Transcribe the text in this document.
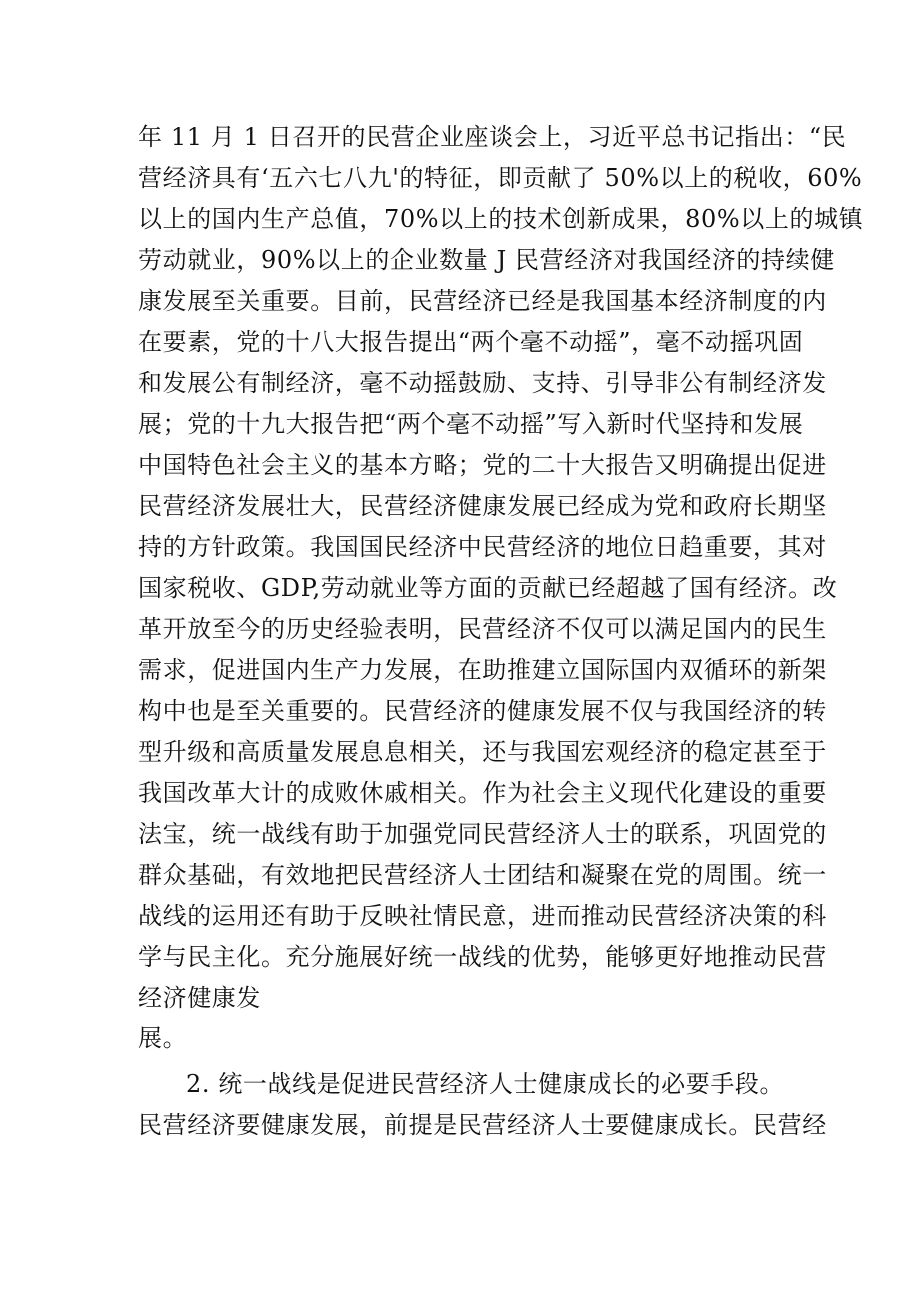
年 11 月 1 日召开的民营企业座谈会上，习近平总书记指出：“民
营经济具有‘五六七八九'的特征，即贡献了 50%以上的税收，60%
以上的国内生产总值，70%以上的技术创新成果，80%以上的城镇
劳动就业，90%以上的企业数量 J 民营经济对我国经济的持续健
康发展至关重要。目前，民营经济已经是我国基本经济制度的内
在要素，党的十八大报告提出“两个毫不动摇”，毫不动摇巩固
和发展公有制经济，毫不动摇鼓励、支持、引导非公有制经济发
展；党的十九大报告把“两个毫不动摇”写入新时代坚持和发展
中国特色社会主义的基本方略；党的二十大报告又明确提出促进
民营经济发展壮大，民营经济健康发展已经成为党和政府长期坚
持的方针政策。我国国民经济中民营经济的地位日趋重要，其对
国家税收、GDP,劳动就业等方面的贡献已经超越了国有经济。改
革开放至今的历史经验表明，民营经济不仅可以满足国内的民生
需求，促进国内生产力发展，在助推建立国际国内双循环的新架
构中也是至关重要的。民营经济的健康发展不仅与我国经济的转
型升级和高质量发展息息相关，还与我国宏观经济的稳定甚至于
我国改革大计的成败休戚相关。作为社会主义现代化建设的重要
法宝，统一战线有助于加强党同民营经济人士的联系，巩固党的
群众基础，有效地把民营经济人士团结和凝聚在党的周围。统一
战线的运用还有助于反映社情民意，进而推动民营经济决策的科
学与民主化。充分施展好统一战线的优势，能够更好地推动民营
经济健康发
展。
2. 统一战线是促进民营经济人士健康成长的必要手段。
民营经济要健康发展，前提是民营经济人士要健康成长。民营经
